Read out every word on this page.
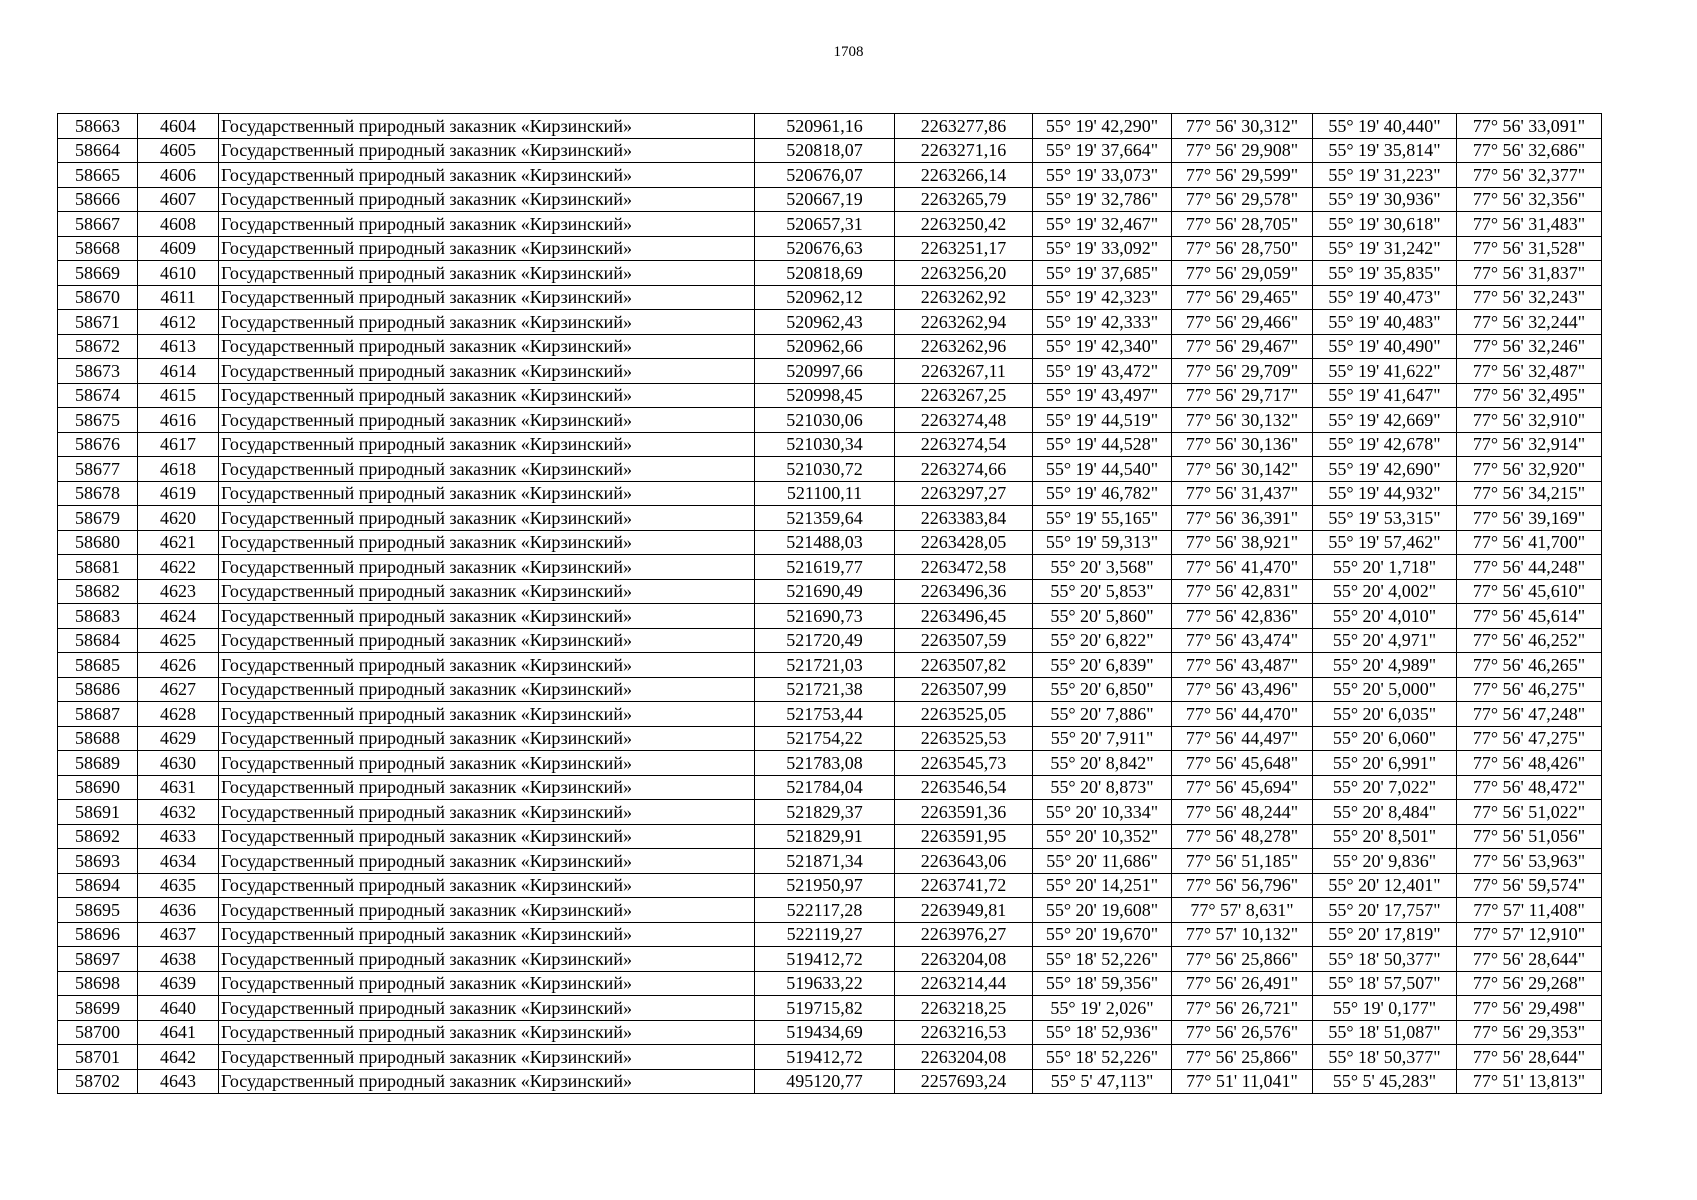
1708
58663	4604	Государственный природный заказник «Кирзинский»	520961,16	2263277,86	55° 19' 42,290"	77° 56' 30,312"	55° 19' 40,440"	77° 56' 33,091"
58664	4605	Государственный природный заказник «Кирзинский»	520818,07	2263271,16	55° 19' 37,664"	77° 56' 29,908"	55° 19' 35,814"	77° 56' 32,686"
58665	4606	Государственный природный заказник «Кирзинский»	520676,07	2263266,14	55° 19' 33,073"	77° 56' 29,599"	55° 19' 31,223"	77° 56' 32,377"
58666	4607	Государственный природный заказник «Кирзинский»	520667,19	2263265,79	55° 19' 32,786"	77° 56' 29,578"	55° 19' 30,936"	77° 56' 32,356"
58667	4608	Государственный природный заказник «Кирзинский»	520657,31	2263250,42	55° 19' 32,467"	77° 56' 28,705"	55° 19' 30,618"	77° 56' 31,483"
58668	4609	Государственный природный заказник «Кирзинский»	520676,63	2263251,17	55° 19' 33,092"	77° 56' 28,750"	55° 19' 31,242"	77° 56' 31,528"
58669	4610	Государственный природный заказник «Кирзинский»	520818,69	2263256,20	55° 19' 37,685"	77° 56' 29,059"	55° 19' 35,835"	77° 56' 31,837"
58670	4611	Государственный природный заказник «Кирзинский»	520962,12	2263262,92	55° 19' 42,323"	77° 56' 29,465"	55° 19' 40,473"	77° 56' 32,243"
58671	4612	Государственный природный заказник «Кирзинский»	520962,43	2263262,94	55° 19' 42,333"	77° 56' 29,466"	55° 19' 40,483"	77° 56' 32,244"
58672	4613	Государственный природный заказник «Кирзинский»	520962,66	2263262,96	55° 19' 42,340"	77° 56' 29,467"	55° 19' 40,490"	77° 56' 32,246"
58673	4614	Государственный природный заказник «Кирзинский»	520997,66	2263267,11	55° 19' 43,472"	77° 56' 29,709"	55° 19' 41,622"	77° 56' 32,487"
58674	4615	Государственный природный заказник «Кирзинский»	520998,45	2263267,25	55° 19' 43,497"	77° 56' 29,717"	55° 19' 41,647"	77° 56' 32,495"
58675	4616	Государственный природный заказник «Кирзинский»	521030,06	2263274,48	55° 19' 44,519"	77° 56' 30,132"	55° 19' 42,669"	77° 56' 32,910"
58676	4617	Государственный природный заказник «Кирзинский»	521030,34	2263274,54	55° 19' 44,528"	77° 56' 30,136"	55° 19' 42,678"	77° 56' 32,914"
58677	4618	Государственный природный заказник «Кирзинский»	521030,72	2263274,66	55° 19' 44,540"	77° 56' 30,142"	55° 19' 42,690"	77° 56' 32,920"
58678	4619	Государственный природный заказник «Кирзинский»	521100,11	2263297,27	55° 19' 46,782"	77° 56' 31,437"	55° 19' 44,932"	77° 56' 34,215"
58679	4620	Государственный природный заказник «Кирзинский»	521359,64	2263383,84	55° 19' 55,165"	77° 56' 36,391"	55° 19' 53,315"	77° 56' 39,169"
58680	4621	Государственный природный заказник «Кирзинский»	521488,03	2263428,05	55° 19' 59,313"	77° 56' 38,921"	55° 19' 57,462"	77° 56' 41,700"
58681	4622	Государственный природный заказник «Кирзинский»	521619,77	2263472,58	55° 20' 3,568"	77° 56' 41,470"	55° 20' 1,718"	77° 56' 44,248"
58682	4623	Государственный природный заказник «Кирзинский»	521690,49	2263496,36	55° 20' 5,853"	77° 56' 42,831"	55° 20' 4,002"	77° 56' 45,610"
58683	4624	Государственный природный заказник «Кирзинский»	521690,73	2263496,45	55° 20' 5,860"	77° 56' 42,836"	55° 20' 4,010"	77° 56' 45,614"
58684	4625	Государственный природный заказник «Кирзинский»	521720,49	2263507,59	55° 20' 6,822"	77° 56' 43,474"	55° 20' 4,971"	77° 56' 46,252"
58685	4626	Государственный природный заказник «Кирзинский»	521721,03	2263507,82	55° 20' 6,839"	77° 56' 43,487"	55° 20' 4,989"	77° 56' 46,265"
58686	4627	Государственный природный заказник «Кирзинский»	521721,38	2263507,99	55° 20' 6,850"	77° 56' 43,496"	55° 20' 5,000"	77° 56' 46,275"
58687	4628	Государственный природный заказник «Кирзинский»	521753,44	2263525,05	55° 20' 7,886"	77° 56' 44,470"	55° 20' 6,035"	77° 56' 47,248"
58688	4629	Государственный природный заказник «Кирзинский»	521754,22	2263525,53	55° 20' 7,911"	77° 56' 44,497"	55° 20' 6,060"	77° 56' 47,275"
58689	4630	Государственный природный заказник «Кирзинский»	521783,08	2263545,73	55° 20' 8,842"	77° 56' 45,648"	55° 20' 6,991"	77° 56' 48,426"
58690	4631	Государственный природный заказник «Кирзинский»	521784,04	2263546,54	55° 20' 8,873"	77° 56' 45,694"	55° 20' 7,022"	77° 56' 48,472"
58691	4632	Государственный природный заказник «Кирзинский»	521829,37	2263591,36	55° 20' 10,334"	77° 56' 48,244"	55° 20' 8,484"	77° 56' 51,022"
58692	4633	Государственный природный заказник «Кирзинский»	521829,91	2263591,95	55° 20' 10,352"	77° 56' 48,278"	55° 20' 8,501"	77° 56' 51,056"
58693	4634	Государственный природный заказник «Кирзинский»	521871,34	2263643,06	55° 20' 11,686"	77° 56' 51,185"	55° 20' 9,836"	77° 56' 53,963"
58694	4635	Государственный природный заказник «Кирзинский»	521950,97	2263741,72	55° 20' 14,251"	77° 56' 56,796"	55° 20' 12,401"	77° 56' 59,574"
58695	4636	Государственный природный заказник «Кирзинский»	522117,28	2263949,81	55° 20' 19,608"	77° 57' 8,631"	55° 20' 17,757"	77° 57' 11,408"
58696	4637	Государственный природный заказник «Кирзинский»	522119,27	2263976,27	55° 20' 19,670"	77° 57' 10,132"	55° 20' 17,819"	77° 57' 12,910"
58697	4638	Государственный природный заказник «Кирзинский»	519412,72	2263204,08	55° 18' 52,226"	77° 56' 25,866"	55° 18' 50,377"	77° 56' 28,644"
58698	4639	Государственный природный заказник «Кирзинский»	519633,22	2263214,44	55° 18' 59,356"	77° 56' 26,491"	55° 18' 57,507"	77° 56' 29,268"
58699	4640	Государственный природный заказник «Кирзинский»	519715,82	2263218,25	55° 19' 2,026"	77° 56' 26,721"	55° 19' 0,177"	77° 56' 29,498"
58700	4641	Государственный природный заказник «Кирзинский»	519434,69	2263216,53	55° 18' 52,936"	77° 56' 26,576"	55° 18' 51,087"	77° 56' 29,353"
58701	4642	Государственный природный заказник «Кирзинский»	519412,72	2263204,08	55° 18' 52,226"	77° 56' 25,866"	55° 18' 50,377"	77° 56' 28,644"
58702	4643	Государственный природный заказник «Кирзинский»	495120,77	2257693,24	55° 5' 47,113"	77° 51' 11,041"	55° 5' 45,283"	77° 51' 13,813"
